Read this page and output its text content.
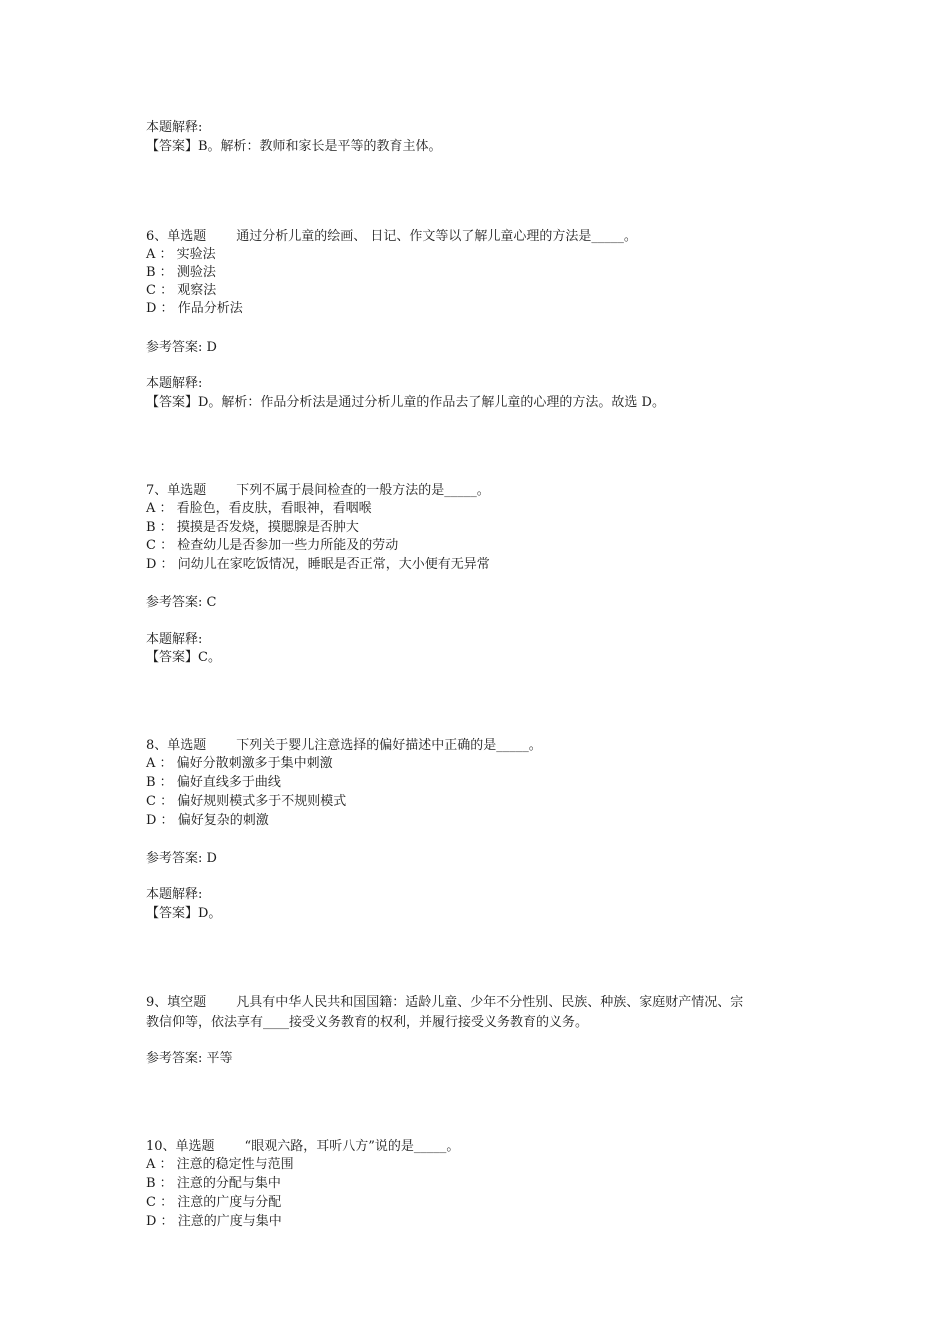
本题解释:
【答案】B。解析：教师和家长是平等的教育主体。
6、单选题 通过分析儿童的绘画、 日记、作文等以了解儿童心理的方法是_____。
A ： 实验法
B ： 测验法
C ： 观察法
D ： 作品分析法
参考答案: D
本题解释:
【答案】D。解析：作品分析法是通过分析儿童的作品去了解儿童的心理的方法。故选 D。
7、单选题 下列不属于晨间检查的一般方法的是_____。
A ： 看脸色，看皮肤，看眼神，看咽喉
B ： 摸摸是否发烧，摸腮腺是否肿大
C ： 检查幼儿是否参加一些力所能及的劳动
D ： 问幼儿在家吃饭情况，睡眠是否正常，大小便有无异常
参考答案: C
本题解释:
【答案】C。
8、单选题 下列关于婴儿注意选择的偏好描述中正确的是_____。
A ： 偏好分散刺激多于集中刺激
B ： 偏好直线多于曲线
C ： 偏好规则模式多于不规则模式
D ： 偏好复杂的刺激
参考答案: D
本题解释:
【答案】D。
9、填空题 凡具有中华人民共和国国籍：适龄儿童、少年不分性别、民族、种族、家庭财产情况、宗
教信仰等，依法享有____接受义务教育的权利，并履行接受义务教育的义务。
参考答案: 平等
10、单选题 “眼观六路，耳听八方”说的是_____。
A ： 注意的稳定性与范围
B ： 注意的分配与集中
C ： 注意的广度与分配
D ： 注意的广度与集中
